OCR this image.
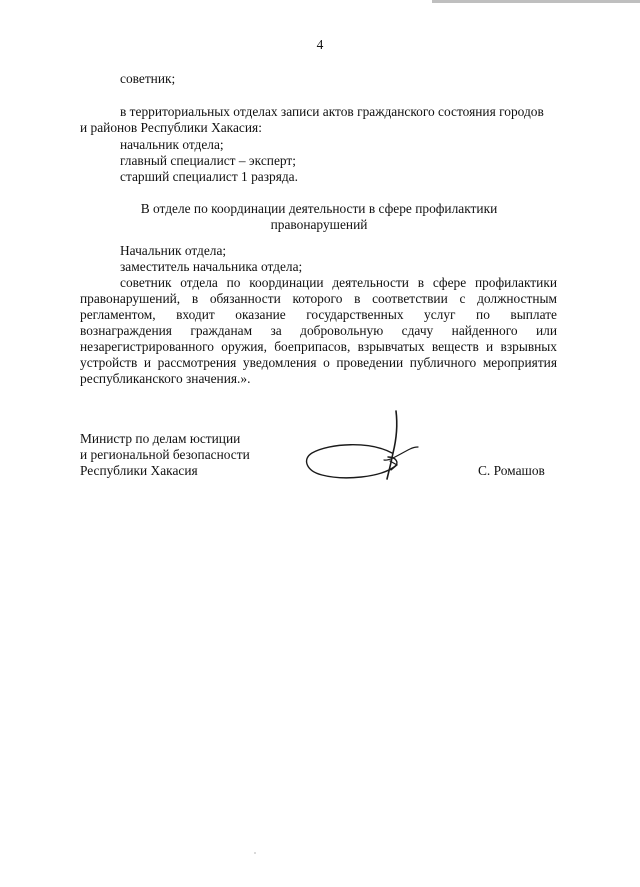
4
советник;
в территориальных отделах записи актов гражданского состояния городов
и районов Республики Хакасия:
начальник отдела;
главный специалист – эксперт;
старший специалист 1 разряда.
В отделе по координации деятельности в сфере профилактики
правонарушений
Начальник отдела;
заместитель начальника отдела;
советник отдела по координации деятельности в сфере профилактики
правонарушений, в обязанности которого в соответствии с должностным
регламентом, входит оказание государственных услуг по выплате
вознаграждения гражданам за добровольную сдачу найденного или
незарегистрированного оружия, боеприпасов, взрывчатых веществ и взрывных
устройств и рассмотрения уведомления о проведении публичного мероприятия
республиканского значения.».
Министр по делам юстиции
и региональной безопасности
Республики Хакасия	С. Ромашов
